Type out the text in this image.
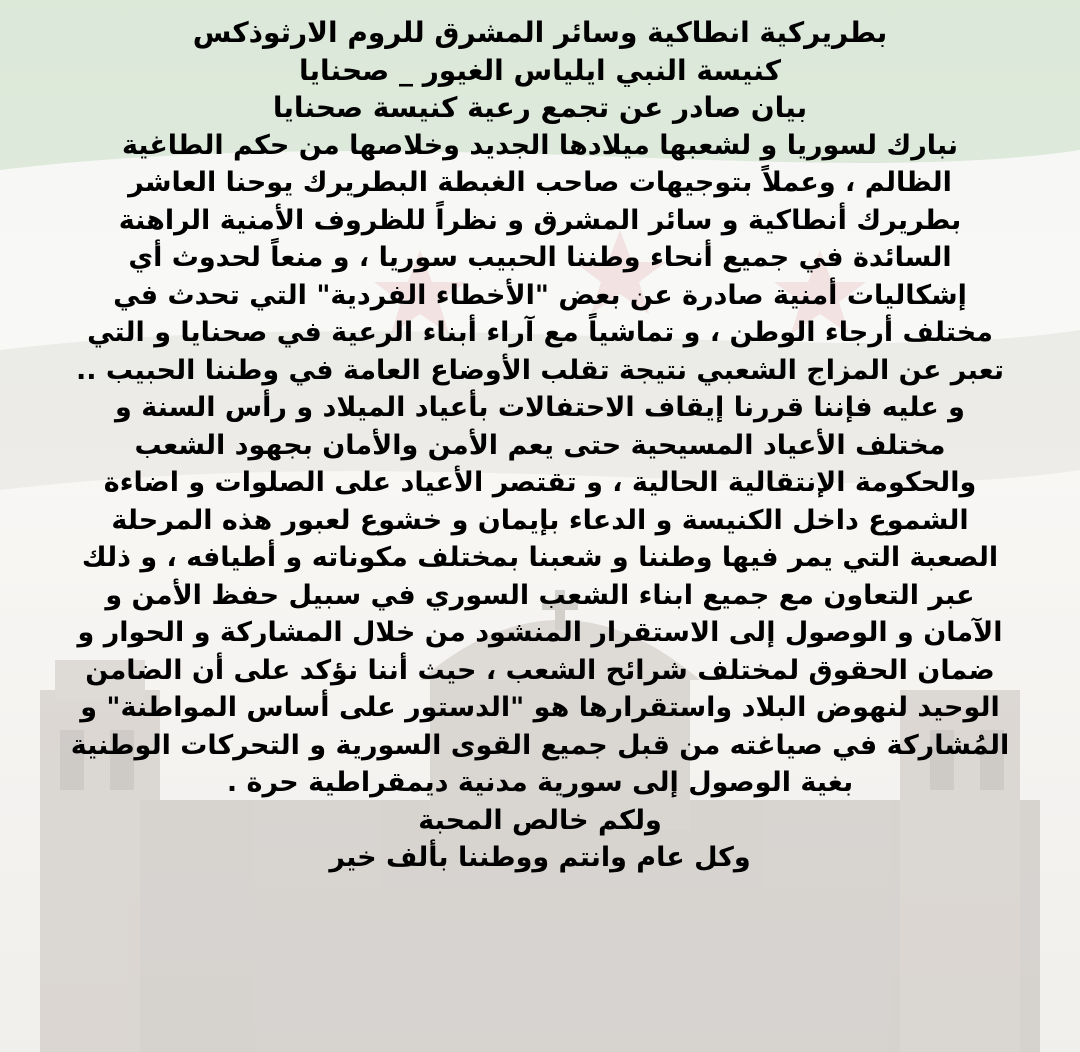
بطريركية انطاكية وسائر المشرق للروم الارثوذكس
كنيسة النبي ايلياس الغيور _ صحنايا
بيان صادر عن تجمع رعية كنيسة صحنايا
نبارك لسوريا و لشعبها ميلادها الجديد وخلاصها من حكم الطاغية
الظالم ، وعملاً بتوجيهات صاحب الغبطة البطريرك يوحنا العاشر
بطريرك أنطاكية و سائر المشرق و نظراً للظروف الأمنية الراهنة
السائدة في جميع أنحاء وطننا الحبيب سوريا ، و منعاً لحدوث أي
إشكاليات أمنية صادرة عن بعض "الأخطاء الفردية" التي تحدث في
مختلف أرجاء الوطن ، و تماشياً مع آراء أبناء الرعية في صحنايا و التي
تعبر عن المزاج الشعبي نتيجة تقلب الأوضاع العامة في وطننا الحبيب ..
و عليه فإننا قررنا إيقاف الاحتفالات بأعياد الميلاد و رأس السنة و
مختلف الأعياد المسيحية حتى يعم الأمن والأمان بجهود الشعب
والحكومة الإنتقالية الحالية ، و تقتصر الأعياد على الصلوات و اضاءة
الشموع داخل الكنيسة و الدعاء بإيمان و خشوع لعبور هذه المرحلة
الصعبة التي يمر فيها وطننا و شعبنا بمختلف مكوناته و أطيافه ، و ذلك
عبر التعاون مع جميع ابناء الشعب السوري في سبيل حفظ الأمن و
الآمان و الوصول إلى الاستقرار المنشود من خلال المشاركة و الحوار و
ضمان الحقوق لمختلف شرائح الشعب ، حيث أننا نؤكد على أن الضامن
الوحيد لنهوض البلاد واستقرارها هو "الدستور على أساس المواطنة" و
المُشاركة في صياغته من قبل جميع القوى السورية و التحركات الوطنية
بغية الوصول إلى سورية مدنية ديمقراطية حرة .
ولكم خالص المحبة
وكل عام وانتم ووطننا بألف خير
